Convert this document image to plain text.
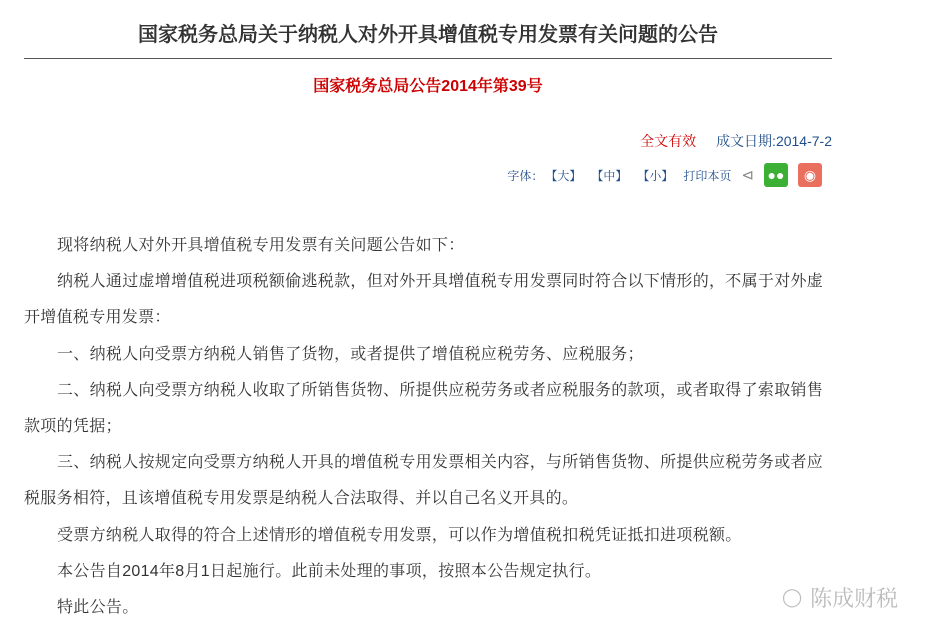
国家税务总局关于纳税人对外开具增值税专用发票有关问题的公告
国家税务总局公告2014年第39号
全文有效 成文日期:2014-7-2
字体： 【大】 【中】 【小】 打印本页 ⊲ ●●	◉

现将纳税人对外开具增值税专用发票有关问题公告如下：

纳税人通过虚增增值税进项税额偷逃税款，但对外开具增值税专用发票同时符合以下情形的，不属于对外虚开增值税专用发票：

一、纳税人向受票方纳税人销售了货物，或者提供了增值税应税劳务、应税服务；

二、纳税人向受票方纳税人收取了所销售货物、所提供应税劳务或者应税服务的款项，或者取得了索取销售款项的凭据；

三、纳税人按规定向受票方纳税人开具的增值税专用发票相关内容，与所销售货物、所提供应税劳务或者应税服务相符，且该增值税专用发票是纳税人合法取得、并以自己名义开具的。

受票方纳税人取得的符合上述情形的增值税专用发票，可以作为增值税扣税凭证抵扣进项税额。

本公告自2014年8月1日起施行。此前未处理的事项，按照本公告规定执行。

特此公告。

◯ 陈成财税
